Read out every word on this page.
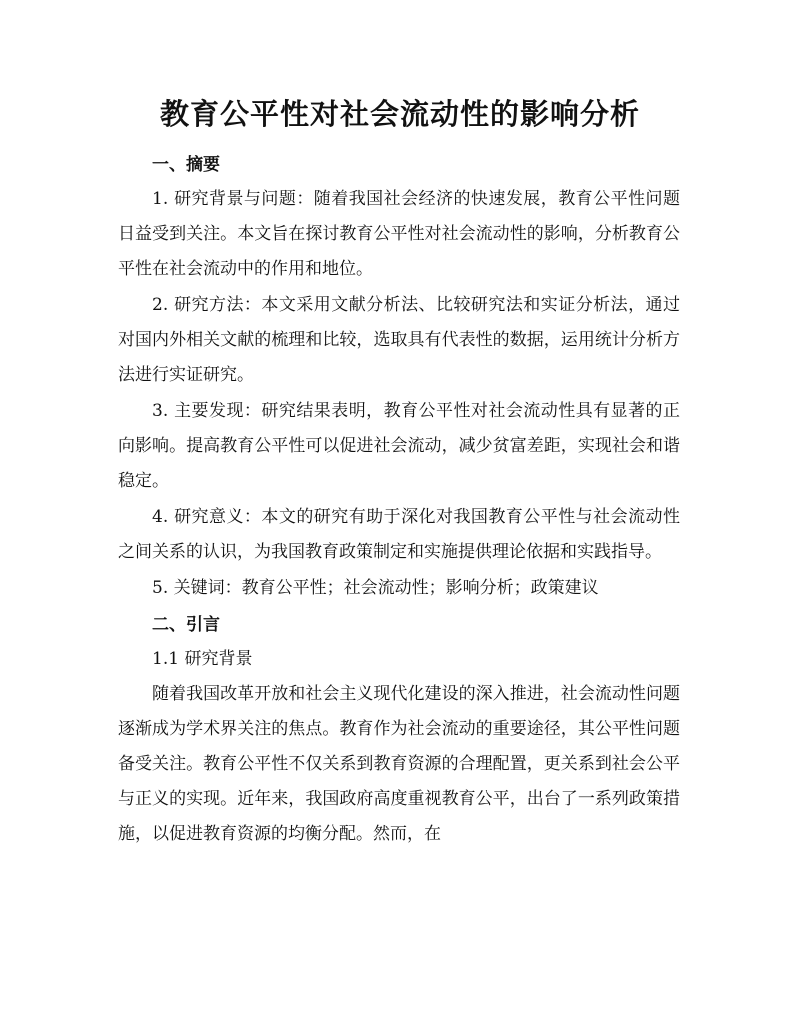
教育公平性对社会流动性的影响分析
一、摘要

1. 研究背景与问题：随着我国社会经济的快速发展，教育公平性问题日益受到关注。本文旨在探讨教育公平性对社会流动性的影响，分析教育公平性在社会流动中的作用和地位。

2. 研究方法：本文采用文献分析法、比较研究法和实证分析法，通过对国内外相关文献的梳理和比较，选取具有代表性的数据，运用统计分析方法进行实证研究。

3. 主要发现：研究结果表明，教育公平性对社会流动性具有显著的正向影响。提高教育公平性可以促进社会流动，减少贫富差距，实现社会和谐稳定。

4. 研究意义：本文的研究有助于深化对我国教育公平性与社会流动性之间关系的认识，为我国教育政策制定和实施提供理论依据和实践指导。

5. 关键词：教育公平性；社会流动性；影响分析；政策建议

二、引言
1.1 研究背景

随着我国改革开放和社会主义现代化建设的深入推进，社会流动性问题逐渐成为学术界关注的焦点。教育作为社会流动的重要途径，其公平性问题备受关注。教育公平性不仅关系到教育资源的合理配置，更关系到社会公平与正义的实现。近年来，我国政府高度重视教育公平，出台了一系列政策措施，以促进教育资源的均衡分配。然而，在
